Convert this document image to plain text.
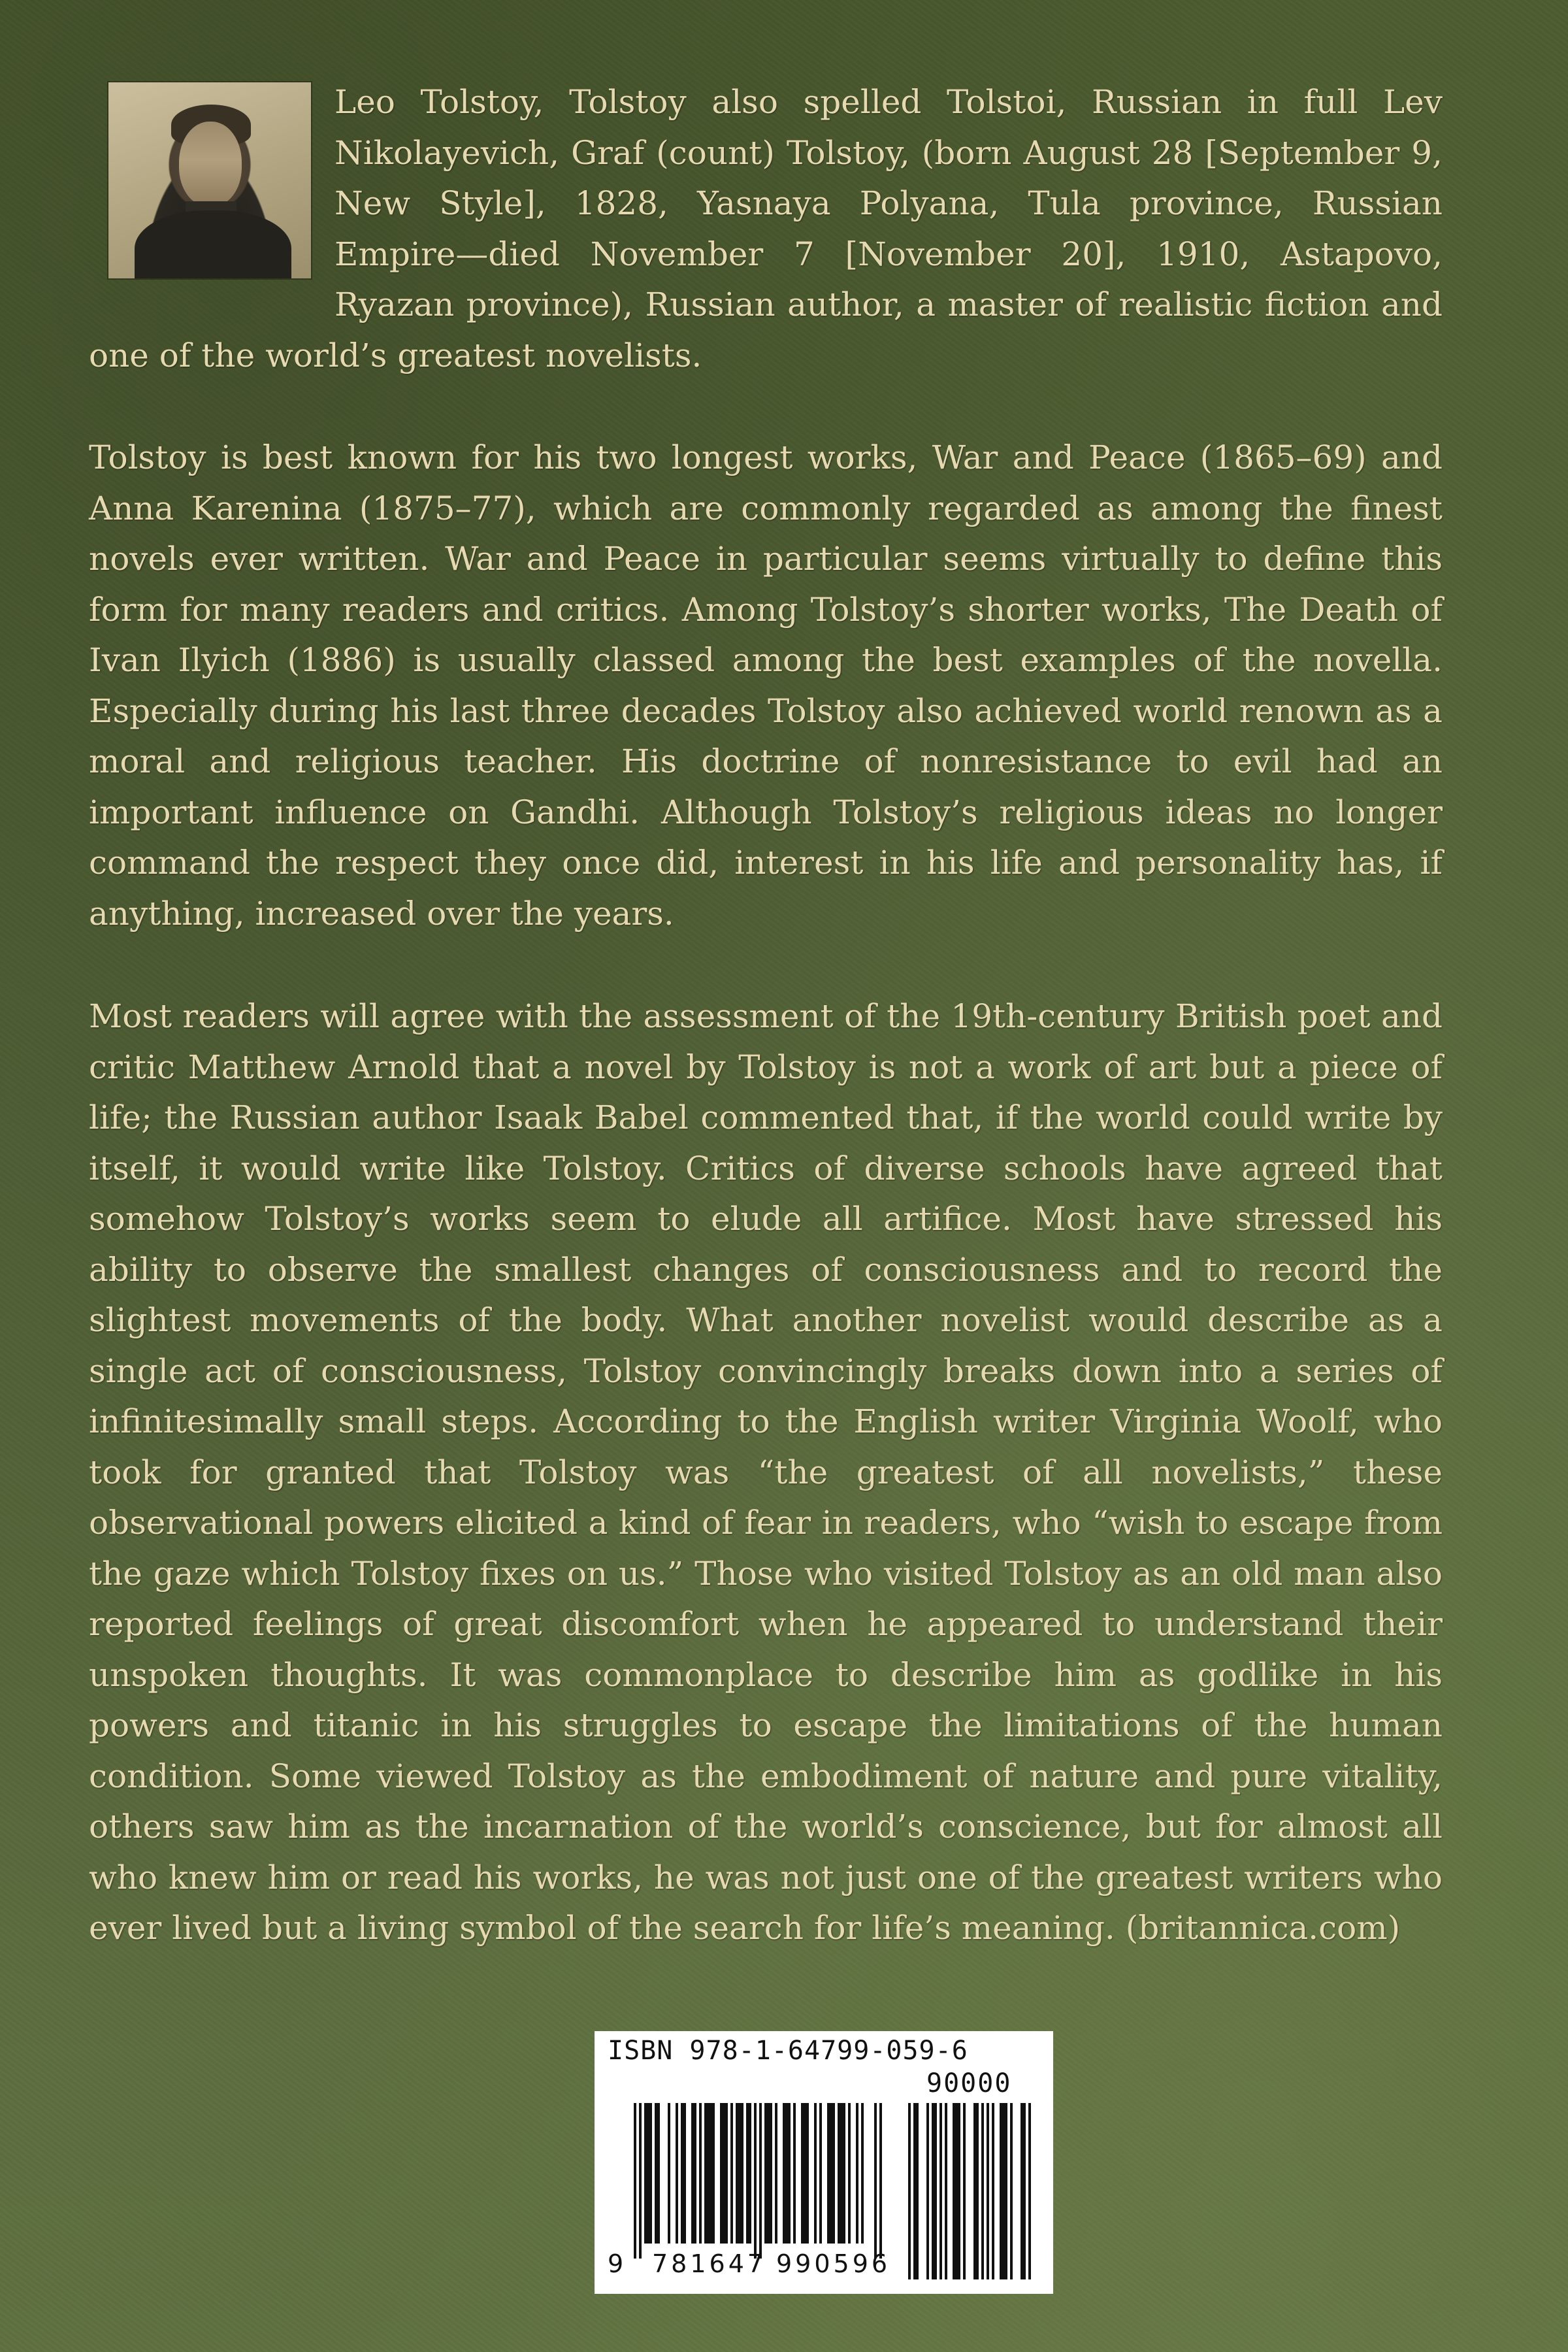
Leo Tolstoy, Tolstoy also spelled Tolstoi, Russian in full Lev Nikolayevich, Graf (count) Tolstoy, (born August 28 [September 9, New Style], 1828, Yasnaya Polyana, Tula province, Russian Empire—died November 7 [November 20], 1910, Astapovo, Ryazan province), Russian author, a master of realistic fiction and one of the world’s greatest novelists.

Tolstoy is best known for his two longest works, War and Peace (1865–69) and Anna Karenina (1875–77), which are commonly regarded as among the finest novels ever written. War and Peace in particular seems virtually to define this form for many readers and critics. Among Tolstoy’s shorter works, The Death of Ivan Ilyich (1886) is usually classed among the best examples of the novella. Especially during his last three decades Tolstoy also achieved world renown as a moral and religious teacher. His doctrine of nonresistance to evil had an important influence on Gandhi. Although Tolstoy’s religious ideas no longer command the respect they once did, interest in his life and personality has, if anything, increased over the years.

Most readers will agree with the assessment of the 19th-century British poet and critic Matthew Arnold that a novel by Tolstoy is not a work of art but a piece of life; the Russian author Isaak Babel commented that, if the world could write by itself, it would write like Tolstoy. Critics of diverse schools have agreed that somehow Tolstoy’s works seem to elude all artifice. Most have stressed his ability to observe the smallest changes of consciousness and to record the slightest movements of the body. What another novelist would describe as a single act of consciousness, Tolstoy convincingly breaks down into a series of infinitesimally small steps. According to the English writer Virginia Woolf, who took for granted that Tolstoy was “the greatest of all novelists,” these observational powers elicited a kind of fear in readers, who “wish to escape from the gaze which Tolstoy fixes on us.” Those who visited Tolstoy as an old man also reported feelings of great discomfort when he appeared to understand their unspoken thoughts. It was commonplace to describe him as godlike in his powers and titanic in his struggles to escape the limitations of the human condition. Some viewed Tolstoy as the embodiment of nature and pure vitality, others saw him as the incarnation of the world’s conscience, but for almost all who knew him or read his works, he was not just one of the greatest writers who ever lived but a living symbol of the search for life’s meaning. (britannica.com)

ISBN 978-1-64799-059-6
90000
9 781647 990596
